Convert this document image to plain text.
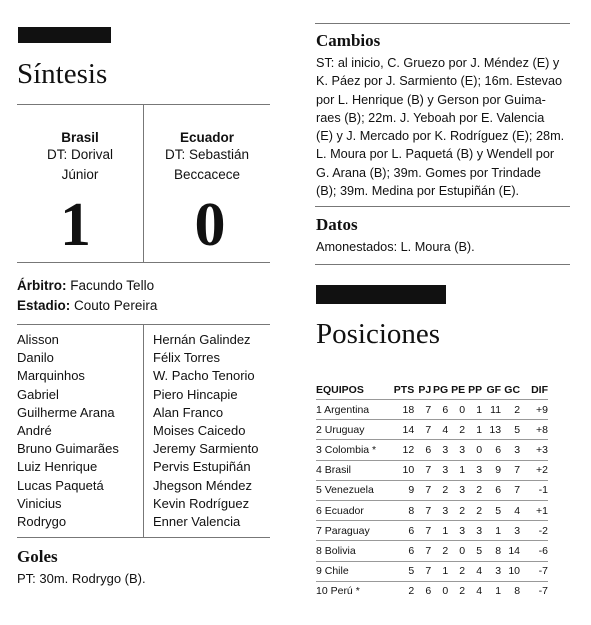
Síntesis
Brasil
DT: Dorival
Júnior
1
Ecuador
DT: Sebastián
Beccacece
0
Árbitro: Facundo Tello
Estadio: Couto Pereira
Alisson
Danilo
Marquinhos
Gabriel
Guilherme Arana
André
Bruno Guimarães
Luiz Henrique
Lucas Paquetá
Vinicius
Rodrygo
Hernán Galindez
Félix Torres
W. Pacho Tenorio
Piero Hincapie
Alan Franco
Moises Caicedo
Jeremy Sarmiento
Pervis Estupiñán
Jhegson Méndez
Kevin Rodríguez
Enner Valencia
Goles
PT: 30m. Rodrygo (B).
Cambios
ST: al inicio, C. Gruezo por J. Méndez (E) y
K. Páez por J. Sarmiento (E); 16m. Estevao
por L. Henrique (B) y Gerson por Guima-
raes (B); 22m. J. Yeboah por E. Valencia
(E) y J. Mercado por K. Rodríguez (E); 28m.
L. Moura por L. Paquetá (B) y Wendell por
G. Arana (B); 39m. Gomes por Trindade
(B); 39m. Medina por Estupiñán (E).
Datos
Amonestados: L. Moura (B).
Posiciones
EQUIPOS	PTS	PJ	PG	PE	PP	GF	GC	DIF
1 Argentina	18	7	6	0	1	11	2	+9
2 Uruguay	14	7	4	2	1	13	5	+8
3 Colombia *	12	6	3	3	0	6	3	+3
4 Brasil	10	7	3	1	3	9	7	+2
5 Venezuela	9	7	2	3	2	6	7	-1
6 Ecuador	8	7	3	2	2	5	4	+1
7 Paraguay	6	7	1	3	3	1	3	-2
8 Bolivia	6	7	2	0	5	8	14	-6
9 Chile	5	7	1	2	4	3	10	-7
10 Perú *	2	6	0	2	4	1	8	-7
